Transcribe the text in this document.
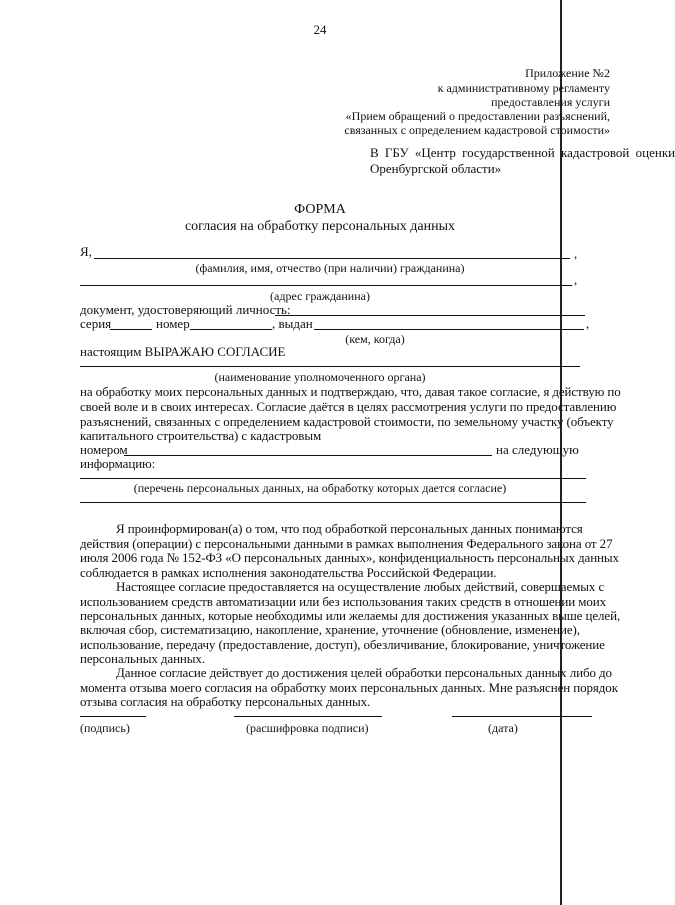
24
Приложение №2
к административному регламенту
предоставления услуги
«Прием обращений о предоставлении разъяснений,
связанных с определением кадастровой стоимости»
В ГБУ «Центр государственной кадастровой оценки
Оренбургской области»
ФОРМА
согласия на обработку персональных данных
Я,	,
(фамилия, имя, отчество (при наличии) гражданина)
,
(адрес гражданина)
документ, удостоверяющий личность:
серия	номер	, выдан	,
(кем, когда)
настоящим ВЫРАЖАЮ СОГЛАСИЕ
(наименование уполномоченного органа)
на обработку моих персональных данных и подтверждаю, что, давая такое согласие, я действую по
своей воле и в своих интересах. Согласие даётся в целях рассмотрения услуги по предоставлению
разъяснений, связанных с определением кадастровой стоимости, по земельному участку (объекту
капитального строительства) с кадастровым
номером	на следующую
информацию:
(перечень персональных данных, на обработку которых дается согласие)
Я проинформирован(а) о том, что под обработкой персональных данных понимаются
действия (операции) с персональными данными в рамках выполнения Федерального закона от 27
июля 2006 года № 152-ФЗ «О персональных данных», конфиденциальность персональных данных
соблюдается в рамках исполнения законодательства Российской Федерации.
Настоящее согласие предоставляется на осуществление любых действий, совершаемых с
использованием средств автоматизации или без использования таких средств в отношении моих
персональных данных, которые необходимы или желаемы для достижения указанных выше целей,
включая сбор, систематизацию, накопление, хранение, уточнение (обновление, изменение),
использование, передачу (предоставление, доступ), обезличивание, блокирование, уничтожение
персональных данных.
Данное согласие действует до достижения целей обработки персональных данных либо до
момента отзыва моего согласия на обработку моих персональных данных. Мне разъяснен порядок
отзыва согласия на обработку персональных данных.
(подпись)	(расшифровка подписи)	(дата)
